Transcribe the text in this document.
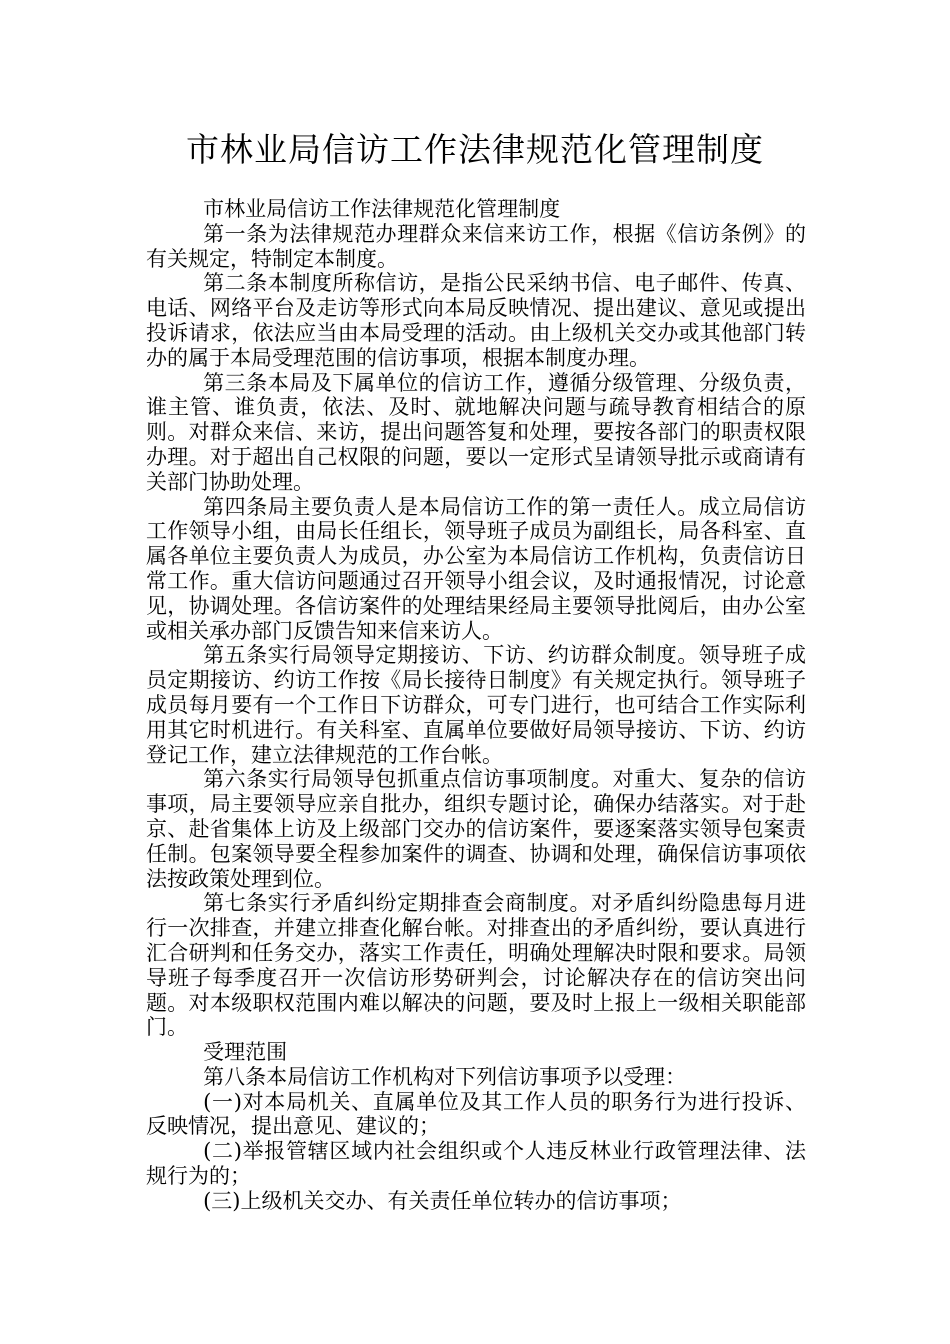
市林业局信访工作法律规范化管理制度

市林业局信访工作法律规范化管理制度

第一条为法律规范办理群众来信来访工作，根据《信访条例》的有关规定，特制定本制度。

第二条本制度所称信访，是指公民采纳书信、电子邮件、传真、电话、网络平台及走访等形式向本局反映情况、提出建议、意见或提出投诉请求，依法应当由本局受理的活动。由上级机关交办或其他部门转办的属于本局受理范围的信访事项，根据本制度办理。

第三条本局及下属单位的信访工作，遵循分级管理、分级负责，谁主管、谁负责，依法、及时、就地解决问题与疏导教育相结合的原则。对群众来信、来访，提出问题答复和处理，要按各部门的职责权限办理。对于超出自己权限的问题，要以一定形式呈请领导批示或商请有关部门协助处理。

第四条局主要负责人是本局信访工作的第一责任人。成立局信访工作领导小组，由局长任组长，领导班子成员为副组长，局各科室、直属各单位主要负责人为成员，办公室为本局信访工作机构，负责信访日常工作。重大信访问题通过召开领导小组会议，及时通报情况，讨论意见，协调处理。各信访案件的处理结果经局主要领导批阅后，由办公室或相关承办部门反馈告知来信来访人。

第五条实行局领导定期接访、下访、约访群众制度。领导班子成员定期接访、约访工作按《局长接待日制度》有关规定执行。领导班子成员每月要有一个工作日下访群众，可专门进行，也可结合工作实际利用其它时机进行。有关科室、直属单位要做好局领导接访、下访、约访登记工作，建立法律规范的工作台帐。

第六条实行局领导包抓重点信访事项制度。对重大、复杂的信访事项，局主要领导应亲自批办，组织专题讨论，确保办结落实。对于赴京、赴省集体上访及上级部门交办的信访案件，要逐案落实领导包案责任制。包案领导要全程参加案件的调查、协调和处理，确保信访事项依法按政策处理到位。

第七条实行矛盾纠纷定期排查会商制度。对矛盾纠纷隐患每月进行一次排查，并建立排查化解台帐。对排查出的矛盾纠纷，要认真进行汇合研判和任务交办，落实工作责任，明确处理解决时限和要求。局领导班子每季度召开一次信访形势研判会，讨论解决存在的信访突出问题。对本级职权范围内难以解决的问题，要及时上报上一级相关职能部门。

受理范围

第八条本局信访工作机构对下列信访事项予以受理：

(一)对本局机关、直属单位及其工作人员的职务行为进行投诉、反映情况，提出意见、建议的；

(二)举报管辖区域内社会组织或个人违反林业行政管理法律、法规行为的；

(三)上级机关交办、有关责任单位转办的信访事项；
